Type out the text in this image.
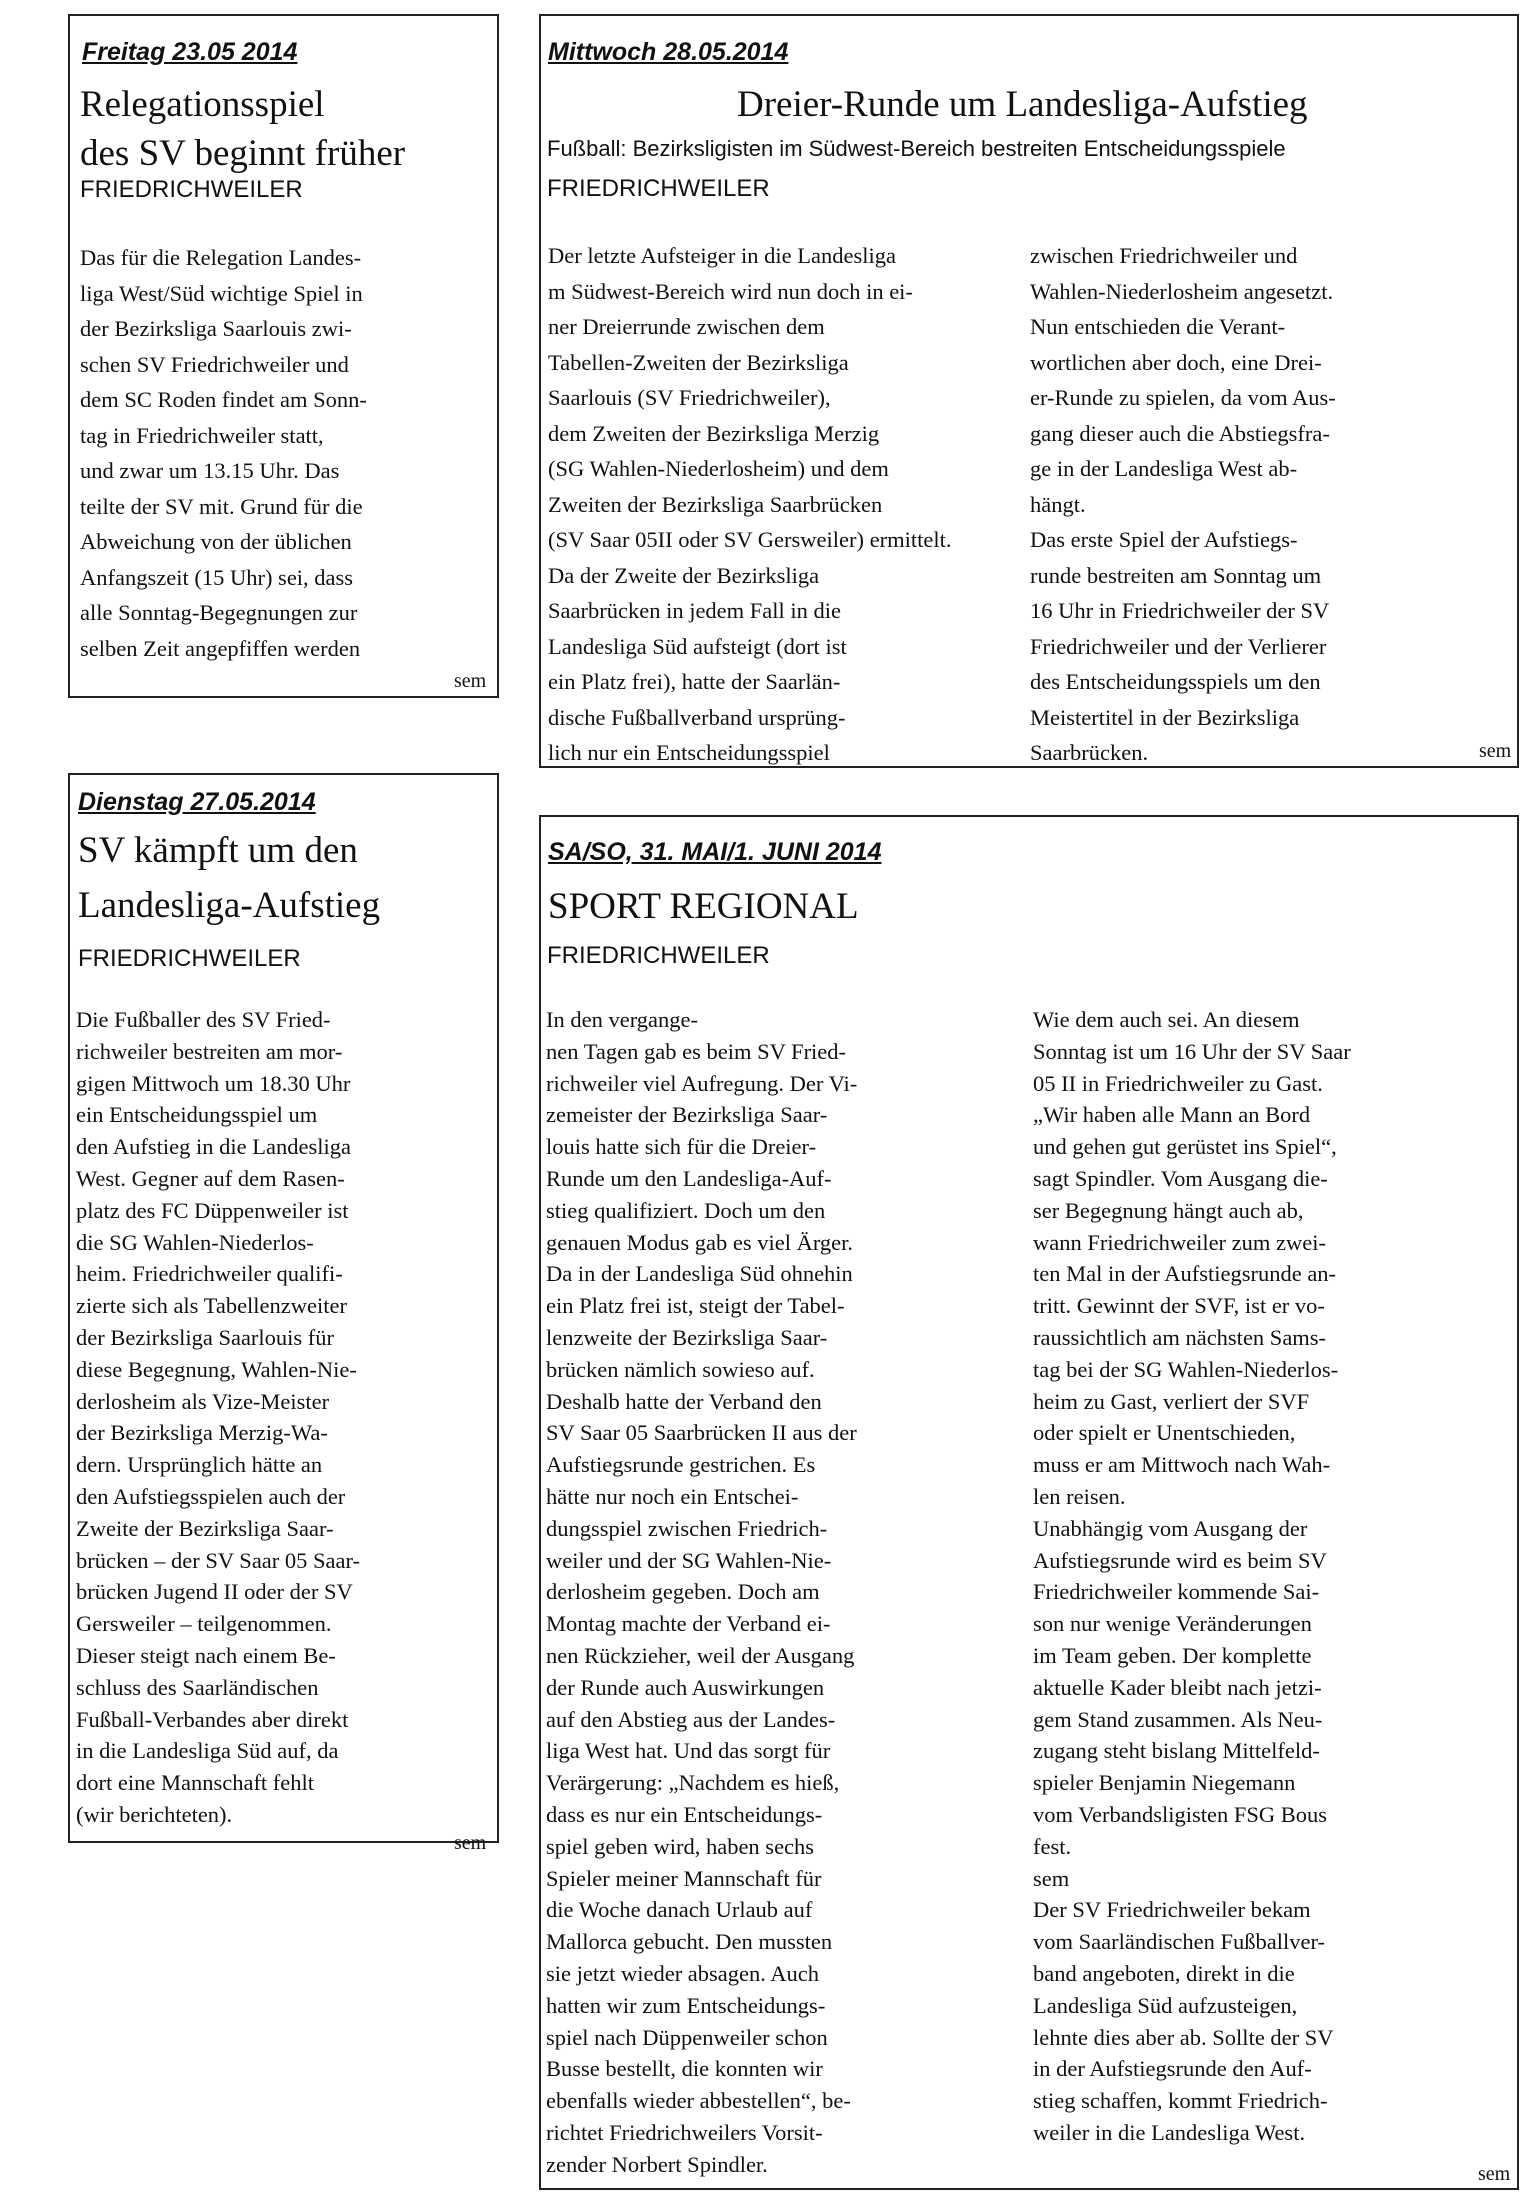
Freitag 23.05 2014
Relegationsspiel
des SV beginnt früher
FRIEDRICHWEILER
Das für die Relegation Landes-
liga West/Süd wichtige Spiel in
der Bezirksliga Saarlouis zwi-
schen SV Friedrichweiler und
dem SC Roden findet am Sonn-
tag in Friedrichweiler statt,
und zwar um 13.15 Uhr. Das
teilte der SV mit. Grund für die
Abweichung von der üblichen
Anfangszeit (15 Uhr) sei, dass
alle Sonntag-Begegnungen zur
selben Zeit angepfiffen werden
sem
Mittwoch 28.05.2014
Dreier-Runde um Landesliga-Aufstieg
Fußball: Bezirksligisten im Südwest-Bereich bestreiten Entscheidungsspiele
FRIEDRICHWEILER
Der letzte Aufsteiger in die Landesliga
m Südwest-Bereich wird nun doch in ei-
ner Dreierrunde zwischen dem
Tabellen-Zweiten der Bezirksliga
Saarlouis (SV Friedrichweiler),
dem Zweiten der Bezirksliga Merzig
(SG Wahlen-Niederlosheim) und dem
Zweiten der Bezirksliga Saarbrücken
(SV Saar 05II oder SV Gersweiler) ermittelt.
Da der Zweite der Bezirksliga
Saarbrücken in jedem Fall in die
Landesliga Süd aufsteigt (dort ist
ein Platz frei), hatte der Saarlän-
dische Fußballverband ursprüng-
lich nur ein Entscheidungsspiel
zwischen Friedrichweiler und
Wahlen-Niederlosheim angesetzt.
Nun entschieden die Verant-
wortlichen aber doch, eine Drei-
er-Runde zu spielen, da vom Aus-
gang dieser auch die Abstiegsfra-
ge in der Landesliga West ab-
hängt.
Das erste Spiel der Aufstiegs-
runde bestreiten am Sonntag um
16 Uhr in Friedrichweiler der SV
Friedrichweiler und der Verlierer
des Entscheidungsspiels um den
Meistertitel in der Bezirksliga
Saarbrücken.	sem
Dienstag 27.05.2014
SV kämpft um den
Landesliga-Aufstieg
FRIEDRICHWEILER
Die Fußballer des SV Fried-
richweiler bestreiten am mor-
gigen Mittwoch um 18.30 Uhr
ein Entscheidungsspiel um
den Aufstieg in die Landesliga
West. Gegner auf dem Rasen-
platz des FC Düppenweiler ist
die SG Wahlen-Niederlos-
heim. Friedrichweiler qualifi-
zierte sich als Tabellenzweiter
der Bezirksliga Saarlouis für
diese Begegnung, Wahlen-Nie-
derlosheim als Vize-Meister
der Bezirksliga Merzig-Wa-
dern. Ursprünglich hätte an
den Aufstiegsspielen auch der
Zweite der Bezirksliga Saar-
brücken – der SV Saar 05 Saar-
brücken Jugend II oder der SV
Gersweiler – teilgenommen.
Dieser steigt nach einem Be-
schluss des Saarländischen
Fußball-Verbandes aber direkt
in die Landesliga Süd auf, da
dort eine Mannschaft fehlt
(wir berichteten).
sem
SA/SO, 31. MAI/1. JUNI 2014
SPORT REGIONAL
FRIEDRICHWEILER
In den vergange-
nen Tagen gab es beim SV Fried-
richweiler viel Aufregung. Der Vi-
zemeister der Bezirksliga Saar-
louis hatte sich für die Dreier-
Runde um den Landesliga-Auf-
stieg qualifiziert. Doch um den
genauen Modus gab es viel Ärger.
Da in der Landesliga Süd ohnehin
ein Platz frei ist, steigt der Tabel-
lenzweite der Bezirksliga Saar-
brücken nämlich sowieso auf.
Deshalb hatte der Verband den
SV Saar 05 Saarbrücken II aus der
Aufstiegsrunde gestrichen. Es
hätte nur noch ein Entschei-
dungsspiel zwischen Friedrich-
weiler und der SG Wahlen-Nie-
derlosheim gegeben. Doch am
Montag machte der Verband ei-
nen Rückzieher, weil der Ausgang
der Runde auch Auswirkungen
auf den Abstieg aus der Landes-
liga West hat. Und das sorgt für
Verärgerung: „Nachdem es hieß,
dass es nur ein Entscheidungs-
spiel geben wird, haben sechs
Spieler meiner Mannschaft für
die Woche danach Urlaub auf
Mallorca gebucht. Den mussten
sie jetzt wieder absagen. Auch
hatten wir zum Entscheidungs-
spiel nach Düppenweiler schon
Busse bestellt, die konnten wir
ebenfalls wieder abbestellen“, be-
richtet Friedrichweilers Vorsit-
zender Norbert Spindler.
Wie dem auch sei. An diesem
Sonntag ist um 16 Uhr der SV Saar
05 II in Friedrichweiler zu Gast.
„Wir haben alle Mann an Bord
und gehen gut gerüstet ins Spiel“,
sagt Spindler. Vom Ausgang die-
ser Begegnung hängt auch ab,
wann Friedrichweiler zum zwei-
ten Mal in der Aufstiegsrunde an-
tritt. Gewinnt der SVF, ist er vo-
raussichtlich am nächsten Sams-
tag bei der SG Wahlen-Niederlos-
heim zu Gast, verliert der SVF
oder spielt er Unentschieden,
muss er am Mittwoch nach Wah-
len reisen.
Unabhängig vom Ausgang der
Aufstiegsrunde wird es beim SV
Friedrichweiler kommende Sai-
son nur wenige Veränderungen
im Team geben. Der komplette
aktuelle Kader bleibt nach jetzi-
gem Stand zusammen. Als Neu-
zugang steht bislang Mittelfeld-
spieler Benjamin Niegemann
vom Verbandsligisten FSG Bous
fest.
sem
Der SV Friedrichweiler bekam
vom Saarländischen Fußballver-
band angeboten, direkt in die
Landesliga Süd aufzusteigen,
lehnte dies aber ab. Sollte der SV
in der Aufstiegsrunde den Auf-
stieg schaffen, kommt Friedrich-
weiler in die Landesliga West.
sem
